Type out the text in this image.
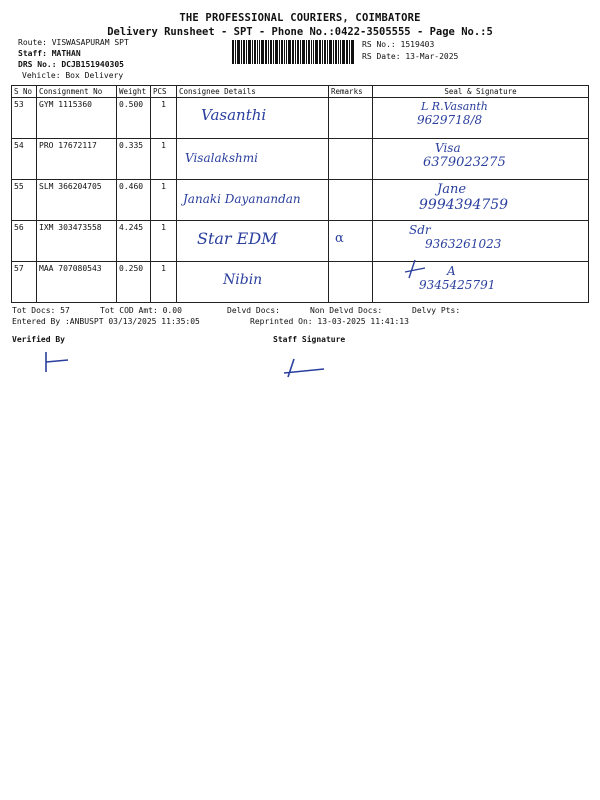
THE PROFESSIONAL COURIERS, COIMBATORE
Delivery Runsheet - SPT - Phone No.:0422-3505555 - Page No.:5
Route: VISWASAPURAM SPT
Staff: MATHAN
DRS No.: DCJB151940305
Vehicle: Box Delivery
RS No.: 1519403
RS Date: 13-Mar-2025
S No	Consignment No	Weight	PCS	Consignee Details	Remarks	Seal & Signature
53	GYM 1115360	0.500	1	Vasanthi		L R.Vasanth
9629718/8

54	PRO 17672117	0.335	1	Visalakshmi		Visa
6379023275

55	SLM 366204705	0.460	1	Janaki Dayanandan		Jane
9994394759

56	IXM 303473558	4.245	1	Star EDM	α	Sdr
9363261023

57	MAA 707080543	0.250	1	Nibin		A
9345425791
Tot Docs: 57	Tot COD Amt: 0.00	Delvd Docs:	Non Delvd Docs:	Delvy Pts:
Entered By :ANBUSPT 03/13/2025 11:35:05	Reprinted On: 13-03-2025 11:41:13
Verified By	Staff Signature
